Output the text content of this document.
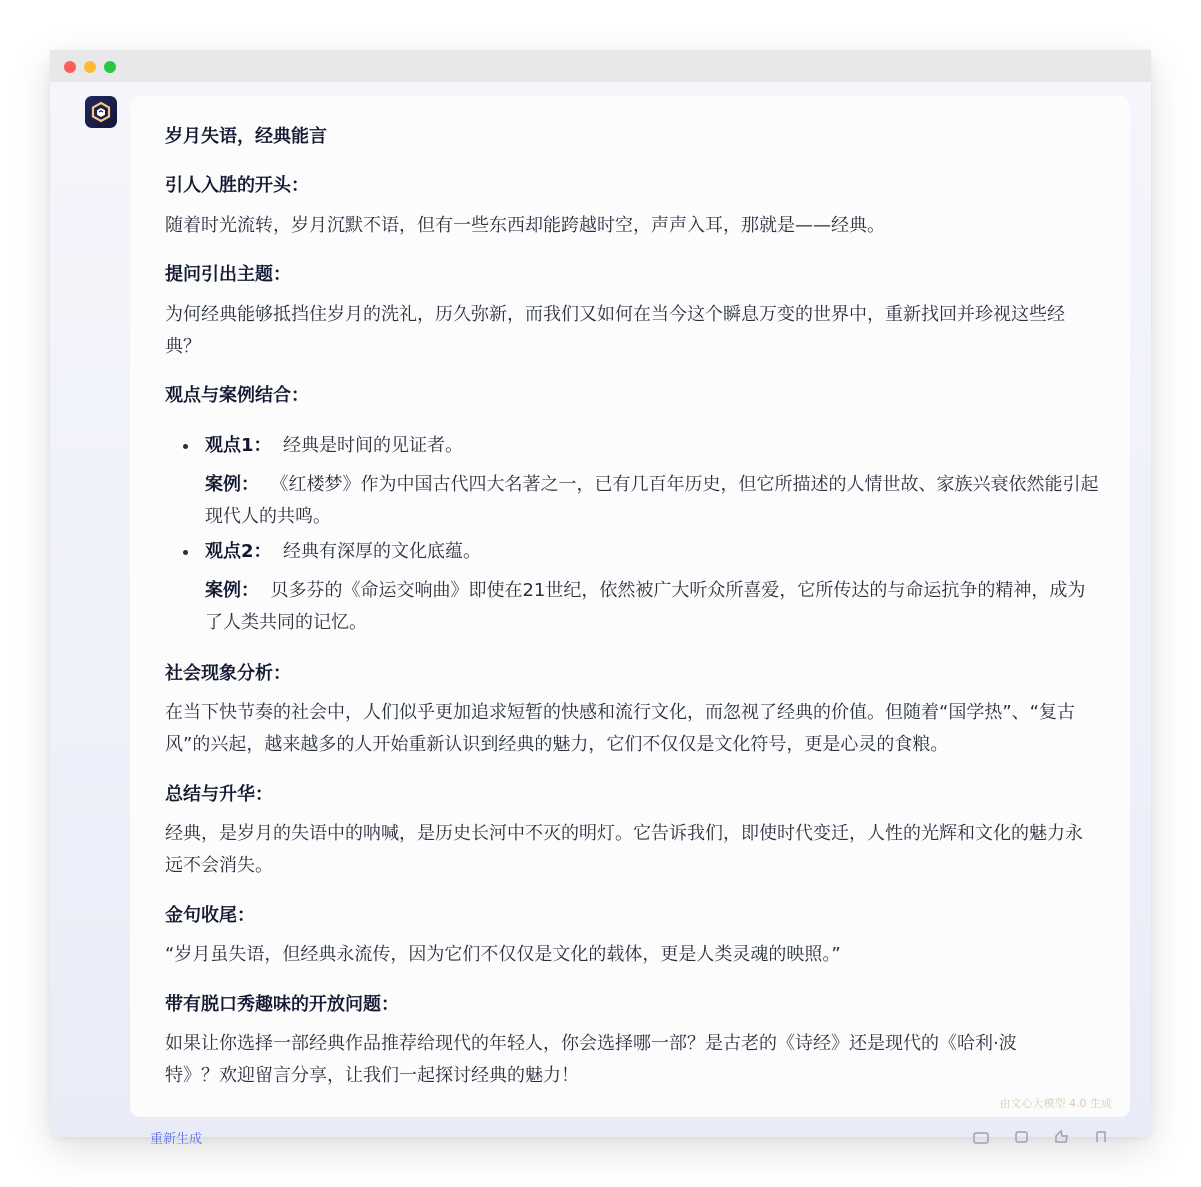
岁月失语，经典能言
引人入胜的开头：

随着时光流转，岁月沉默不语，但有一些东西却能跨越时空，声声入耳，那就是——经典。

提问引出主题：

为何经典能够抵挡住岁月的洗礼，历久弥新，而我们又如何在当今这个瞬息万变的世界中，重新找回并珍视这些经典？

观点与案例结合：
观点1： 经典是时间的见证者。

案例： 《红楼梦》作为中国古代四大名著之一，已有几百年历史，但它所描述的人情世故、家族兴衰依然能引起现代人的共鸣。

观点2： 经典有深厚的文化底蕴。

案例： 贝多芬的《命运交响曲》即使在21世纪，依然被广大听众所喜爱，它所传达的与命运抗争的精神，成为了人类共同的记忆。

社会现象分析：

在当下快节奏的社会中，人们似乎更加追求短暂的快感和流行文化，而忽视了经典的价值。但随着“国学热”、“复古风”的兴起，越来越多的人开始重新认识到经典的魅力，它们不仅仅是文化符号，更是心灵的食粮。

总结与升华：

经典，是岁月的失语中的呐喊，是历史长河中不灭的明灯。它告诉我们，即使时代变迁，人性的光辉和文化的魅力永远不会消失。

金句收尾：

“岁月虽失语，但经典永流传，因为它们不仅仅是文化的载体，更是人类灵魂的映照。”

带有脱口秀趣味的开放问题：

如果让你选择一部经典作品推荐给现代的年轻人，你会选择哪一部？是古老的《诗经》还是现代的《哈利·波特》？欢迎留言分享，让我们一起探讨经典的魅力！

由文心大模型 4.0 生成
重新生成
